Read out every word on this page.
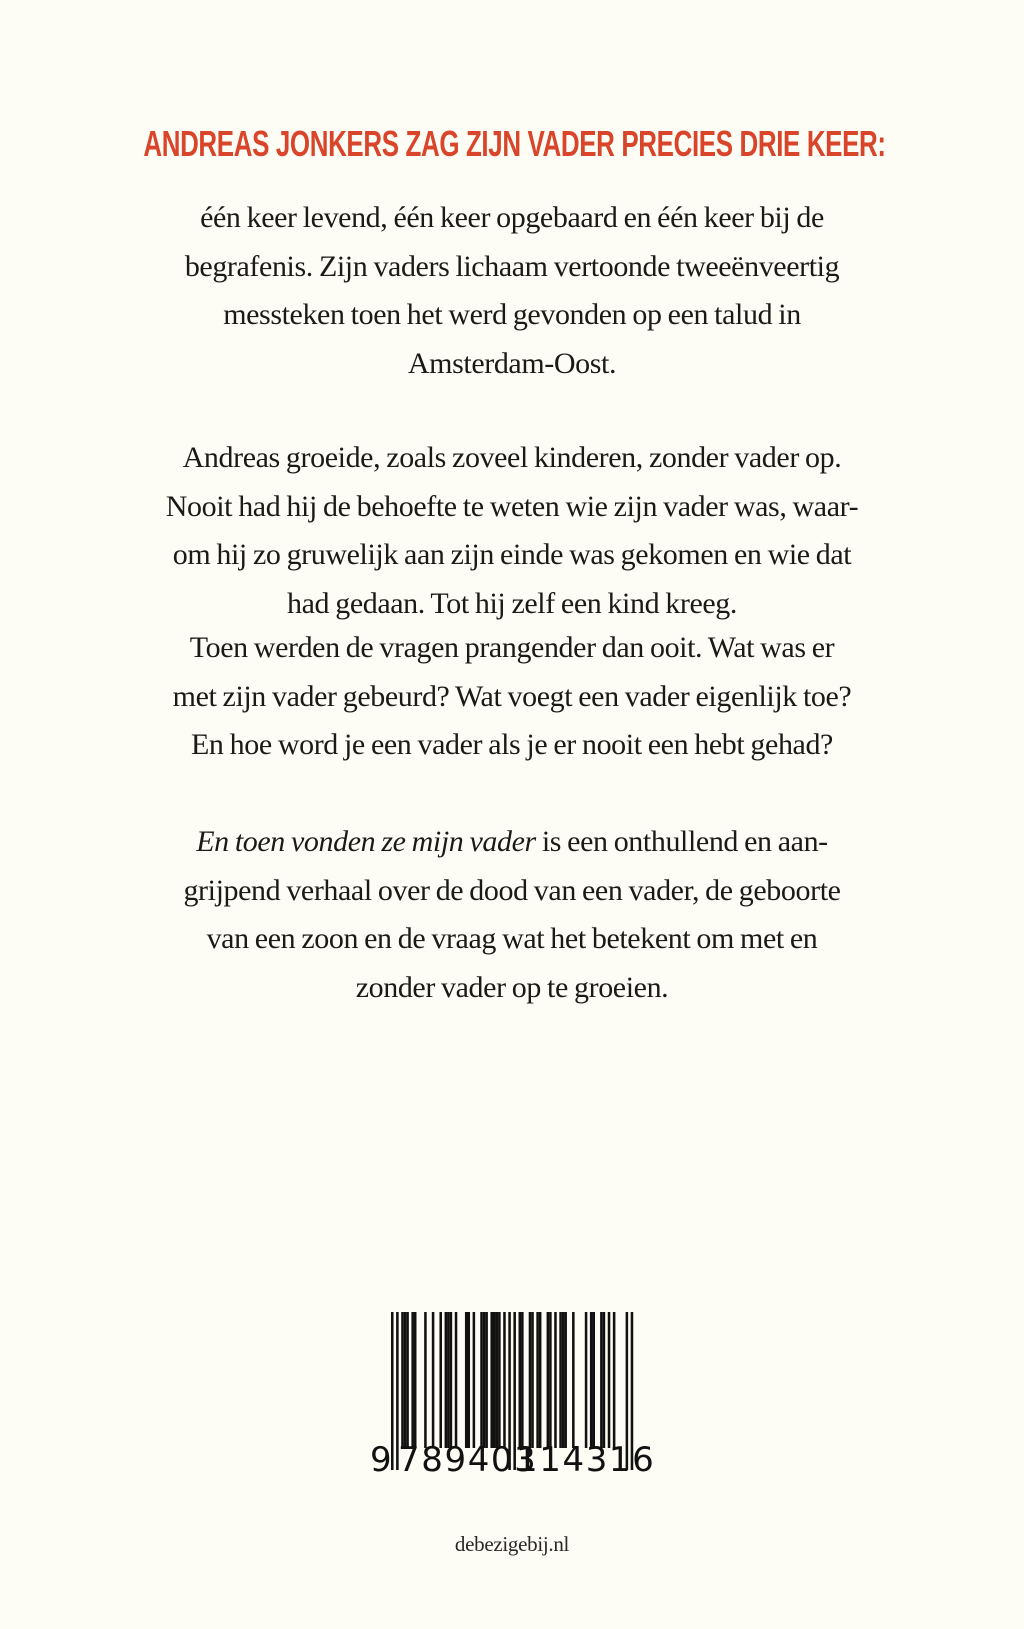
ANDREAS JONKERS ZAG ZIJN VADER PRECIES DRIE KEER:
één keer levend, één keer opgebaard en één keer bij de
begrafenis. Zijn vaders lichaam vertoonde tweeënveertig
messteken toen het werd gevonden op een talud in
Amsterdam-Oost.
Andreas groeide, zoals zoveel kinderen, zonder vader op.
Nooit had hij de behoefte te weten wie zijn vader was, waar-
om hij zo gruwelijk aan zijn einde was gekomen en wie dat
had gedaan. Tot hij zelf een kind kreeg.
Toen werden de vragen prangender dan ooit. Wat was er
met zijn vader gebeurd? Wat voegt een vader eigenlijk toe?
En hoe word je een vader als je er nooit een hebt gehad?
En toen vonden ze mijn vader is een onthullend en aan-
grijpend verhaal over de dood van een vader, de geboorte
van een zoon en de vraag wat het betekent om met en
zonder vader op te groeien.
9 789403
114316
debezigebij.nl
